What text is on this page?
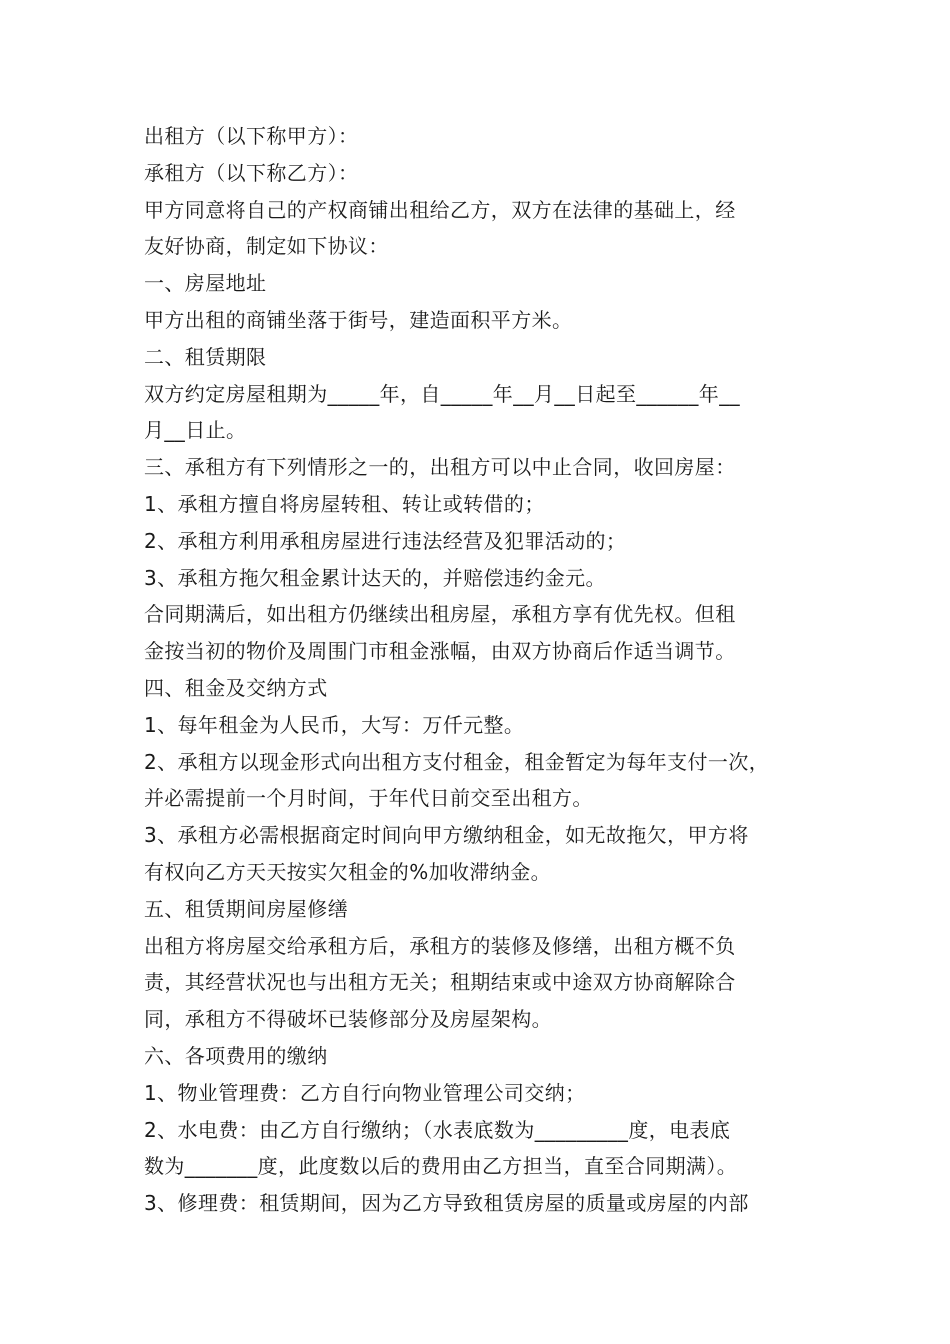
出租方（以下称甲方）：
承租方（以下称乙方）：
甲方同意将自己的产权商铺出租给乙方，双方在法律的基础上，经
友好协商，制定如下协议：
一、房屋地址
甲方出租的商铺坐落于街号，建造面积平方米。
二、租赁期限
双方约定房屋租期为_____年，自_____年__月__日起至______年__
月__日止。
三、承租方有下列情形之一的，出租方可以中止合同，收回房屋：
1、承租方擅自将房屋转租、转让或转借的；
2、承租方利用承租房屋进行违法经营及犯罪活动的；
3、承租方拖欠租金累计达天的，并赔偿违约金元。
合同期满后，如出租方仍继续出租房屋，承租方享有优先权。但租
金按当初的物价及周围门市租金涨幅，由双方协商后作适当调节。
四、租金及交纳方式
1、每年租金为人民币，大写：万仟元整。
2、承租方以现金形式向出租方支付租金，租金暂定为每年支付一次，
并必需提前一个月时间，于年代日前交至出租方。
3、承租方必需根据商定时间向甲方缴纳租金，如无故拖欠，甲方将
有权向乙方天天按实欠租金的%加收滞纳金。
五、租赁期间房屋修缮
出租方将房屋交给承租方后，承租方的装修及修缮，出租方概不负
责，其经营状况也与出租方无关；租期结束或中途双方协商解除合
同，承租方不得破坏已装修部分及房屋架构。
六、各项费用的缴纳
1、物业管理费：乙方自行向物业管理公司交纳；
2、水电费：由乙方自行缴纳；（水表底数为_________度，电表底
数为_______度，此度数以后的费用由乙方担当，直至合同期满）。
3、修理费：租赁期间，因为乙方导致租赁房屋的质量或房屋的内部
